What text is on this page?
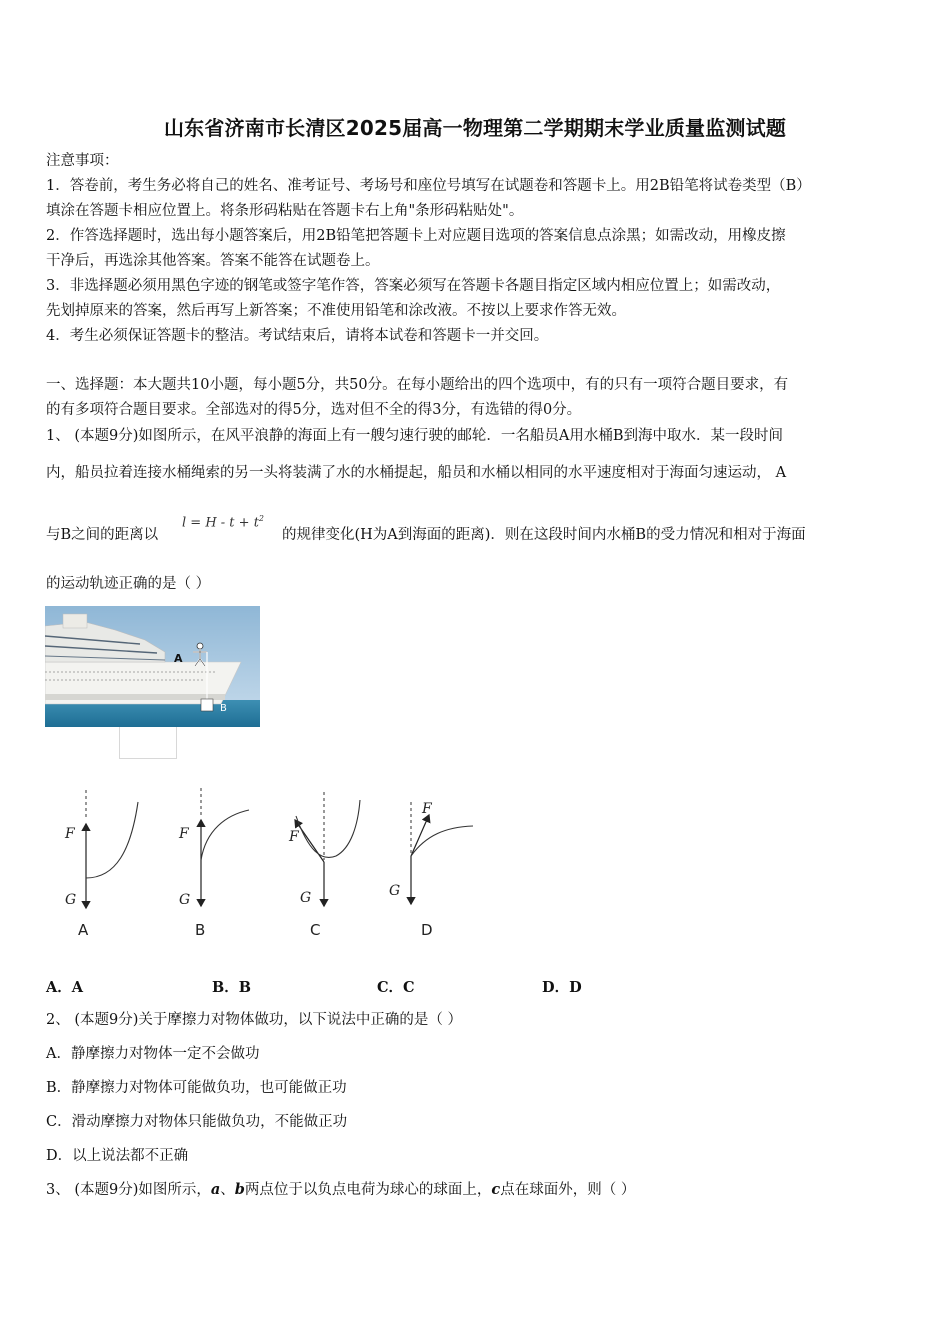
山东省济南市长清区2025届高一物理第二学期期末学业质量监测试题
注意事项：
1．答卷前，考生务必将自己的姓名、准考证号、考场号和座位号填写在试题卷和答题卡上。用2B铅笔将试卷类型（B）
填涂在答题卡相应位置上。将条形码粘贴在答题卡右上角"条形码粘贴处"。
2．作答选择题时，选出每小题答案后，用2B铅笔把答题卡上对应题目选项的答案信息点涂黑；如需改动，用橡皮擦
干净后，再选涂其他答案。答案不能答在试题卷上。
3．非选择题必须用黑色字迹的钢笔或签字笔作答，答案必须写在答题卡各题目指定区域内相应位置上；如需改动，
先划掉原来的答案，然后再写上新答案；不准使用铅笔和涂改液。不按以上要求作答无效。
4．考生必须保证答题卡的整洁。考试结束后，请将本试卷和答题卡一并交回。
一、选择题：本大题共10小题，每小题5分，共50分。在每小题给出的四个选项中，有的只有一项符合题目要求，有
的有多项符合题目要求。全部选对的得5分，选对但不全的得3分，有选错的得0分。
1、 (本题9分)如图所示，在风平浪静的海面上有一艘匀速行驶的邮轮．一名船员A用水桶B到海中取水．某一段时间
内，船员拉着连接水桶绳索的另一头将装满了水的水桶提起，船员和水桶以相同的水平速度相对于海面匀速运动， A
与B之间的距离以
$l = H - t + t^2$
的规律变化(H为A到海面的距离)．则在这段时间内水桶B的受力情况和相对于海面
的运动轨迹正确的是（ ）
A
B
F
G
A
F
G
B
F
G
C
F
G
D
A．A	B．B	C．C	D．D
2、 (本题9分)关于摩擦力对物体做功，以下说法中正确的是（ ）
A．静摩擦力对物体一定不会做功
B．静摩擦力对物体可能做负功，也可能做正功
C．滑动摩擦力对物体只能做负功，不能做正功
D．以上说法都不正确
3、 (本题9分)如图所示，a、b两点位于以负点电荷为球心的球面上，c点在球面外，则（ ）
